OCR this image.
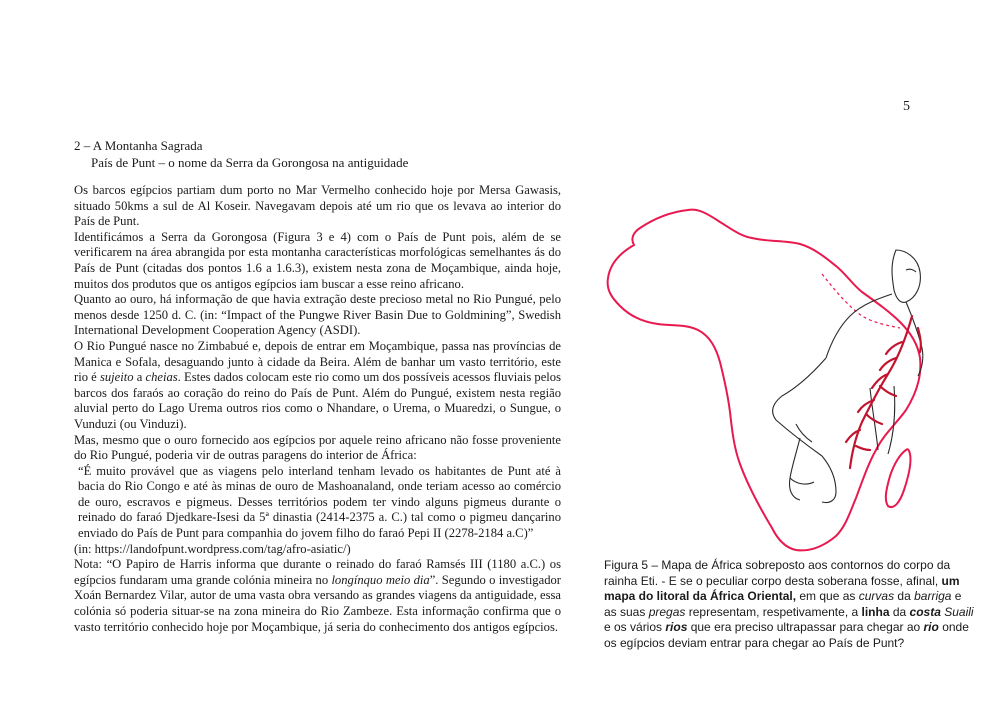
5
2 – A Montanha Sagrada
País de Punt – o nome da Serra da Gorongosa na antiguidade

Os barcos egípcios partiam dum porto no Mar Vermelho conhecido hoje por Mersa Gawasis, situado 50kms a sul de Al Koseir. Navegavam depois até um rio que os levava ao interior do País de Punt.

Identificámos a Serra da Gorongosa (Figura 3 e 4) com o País de Punt pois, além de se verificarem na área abrangida por esta montanha características morfológicas semelhantes ás do País de Punt (citadas dos pontos 1.6 a 1.6.3), existem nesta zona de Moçambique, ainda hoje, muitos dos produtos que os antigos egípcios iam buscar a esse reino africano.

Quanto ao ouro, há informação de que havia extração deste precioso metal no Rio Pungué, pelo menos desde 1250 d. C. (in: “Impact of the Pungwe River Basin Due to Goldmining”, Swedish International Development Cooperation Agency (ASDI).

O Rio Pungué nasce no Zimbabué e, depois de entrar em Moçambique, passa nas províncias de Manica e Sofala, desaguando junto à cidade da Beira. Além de banhar um vasto território, este rio é sujeito a cheias. Estes dados colocam este rio como um dos possíveis acessos fluviais pelos barcos dos faraós ao coração do reino do País de Punt. Além do Pungué, existem nesta região aluvial perto do Lago Urema outros rios como o Nhandare, o Urema, o Muaredzi, o Sungue, o Vunduzi (ou Vinduzi).

Mas, mesmo que o ouro fornecido aos egípcios por aquele reino africano não fosse proveniente do Rio Pungué, poderia vir de outras paragens do interior de África:

“É muito provável que as viagens pelo interland tenham levado os habitantes de Punt até à bacia do Rio Congo e até às minas de ouro de Mashoanaland, onde teriam acesso ao comércio de ouro, escravos e pigmeus. Desses territórios podem ter vindo alguns pigmeus durante o reinado do faraó Djedkare-Isesi da 5ª dinastia (2414-2375 a. C.) tal como o pigmeu dançarino enviado do País de Punt para companhia do jovem filho do faraó Pepi II (2278-2184 a.C)”

(in: https://landofpunt.wordpress.com/tag/afro-asiatic/)

Nota: “O Papiro de Harris informa que durante o reinado do faraó Ramsés III (1180 a.C.) os egípcios fundaram uma grande colónia mineira no longínquo meio dia”. Segundo o investigador Xoán Bernardez Vilar, autor de uma vasta obra versando as grandes viagens da antiguidade, essa colónia só poderia situar-se na zona mineira do Rio Zambeze. Esta informação confirma que o vasto território conhecido hoje por Moçambique, já seria do conhecimento dos antigos egípcios.

Figura 5 – Mapa de África sobreposto aos contornos do corpo da rainha Eti. - E se o peculiar corpo desta soberana fosse, afinal, um mapa do litoral da África Oriental, em que as curvas da barriga e as suas pregas representam, respetivamente, a linha da costa Suaili e os vários rios que era preciso ultrapassar para chegar ao rio onde os egípcios deviam entrar para chegar ao País de Punt?
